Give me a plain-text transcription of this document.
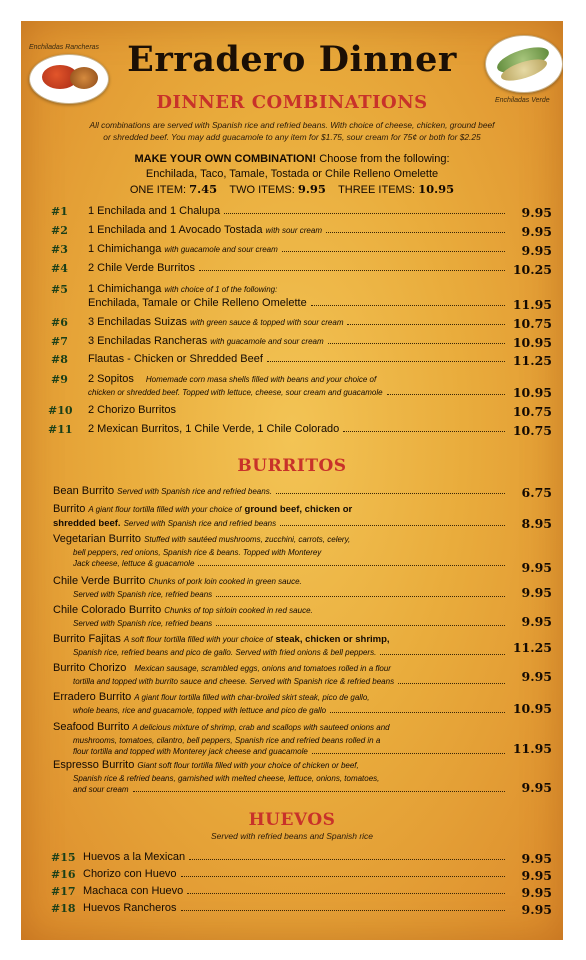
Enchiladas Rancheras
Enchiladas Verde
Erradero Dinner
DINNER COMBINATIONS
All combinations are served with Spanish rice and refried beans. With choice of cheese, chicken, ground beef
or shredded beef. You may add guacamole to any item for $1.75, sour cream for 75¢ or both for $2.25
MAKE YOUR OWN COMBINATION! Choose from the following:
Enchilada, Taco, Tamale, Tostada or Chile Relleno Omelette
ONE ITEM: 7.45 TWO ITEMS: 9.95 THREE ITEMS: 10.95
#1	1 Enchilada and 1 Chalupa	9.95
#2	1 Enchilada and 1 Avocado Tostada with sour cream	9.95
#3	1 Chimichanga with guacamole and sour cream	9.95
#4	2 Chile Verde Burritos	10.25
#5	1 Chimichanga with choice of 1 of the following:
Enchilada, Tamale or Chile Relleno Omelette	11.95
#6	3 Enchiladas Suizas with green sauce & topped with sour cream	10.75
#7	3 Enchiladas Rancheras with guacamole and sour cream	10.95
#8	Flautas - Chicken or Shredded Beef	11.25
#9	2 Sopitos Homemade corn masa shells filled with beans and your choice of
chicken or shredded beef. Topped with lettuce, cheese, sour cream and guacamole	10.95
#10	2 Chorizo Burritos	10.75
#11	2 Mexican Burritos, 1 Chile Verde, 1 Chile Colorado	10.75
BURRITOS
Bean Burrito Served with Spanish rice and refried beans.	6.75
Burrito A giant flour tortilla filled with your choice of ground beef, chicken or
shredded beef. Served with Spanish rice and refried beans	8.95
Vegetarian Burrito Stuffed with sautéed mushrooms, zucchini, carrots, celery,
bell peppers, red onions, Spanish rice & beans. Topped with Monterey
Jack cheese, lettuce & guacamole	9.95
Chile Verde Burrito Chunks of pork loin cooked in green sauce.
Served with Spanish rice, refried beans	9.95
Chile Colorado Burrito Chunks of top sirloin cooked in red sauce.
Served with Spanish rice, refried beans	9.95
Burrito Fajitas A soft flour tortilla filled with your choice of steak, chicken or shrimp,
Spanish rice, refried beans and pico de gallo. Served with fried onions & bell peppers.	11.25
Burrito Chorizo Mexican sausage, scrambled eggs, onions and tomatoes rolled in a flour
tortilla and topped with burrito sauce and cheese. Served with Spanish rice & refried beans	9.95
Erradero Burrito A giant flour tortilla filled with char-broiled skirt steak, pico de gallo,
whole beans, rice and guacamole, topped with lettuce and pico de gallo	10.95
Seafood Burrito A delicious mixture of shrimp, crab and scallops with sauteed onions and
mushrooms, tomatoes, cilantro, bell peppers, Spanish rice and refried beans rolled in a
flour tortilla and topped with Monterey jack cheese and guacamole	11.95
Espresso Burrito Giant soft flour tortilla filled with your choice of chicken or beef,
Spanish rice & refried beans, garnished with melted cheese, lettuce, onions, tomatoes,
and sour cream	9.95
HUEVOS
Served with refried beans and Spanish rice
#15 Huevos a la Mexican	9.95
#16 Chorizo con Huevo	9.95
#17 Machaca con Huevo	9.95
#18 Huevos Rancheros	9.95
